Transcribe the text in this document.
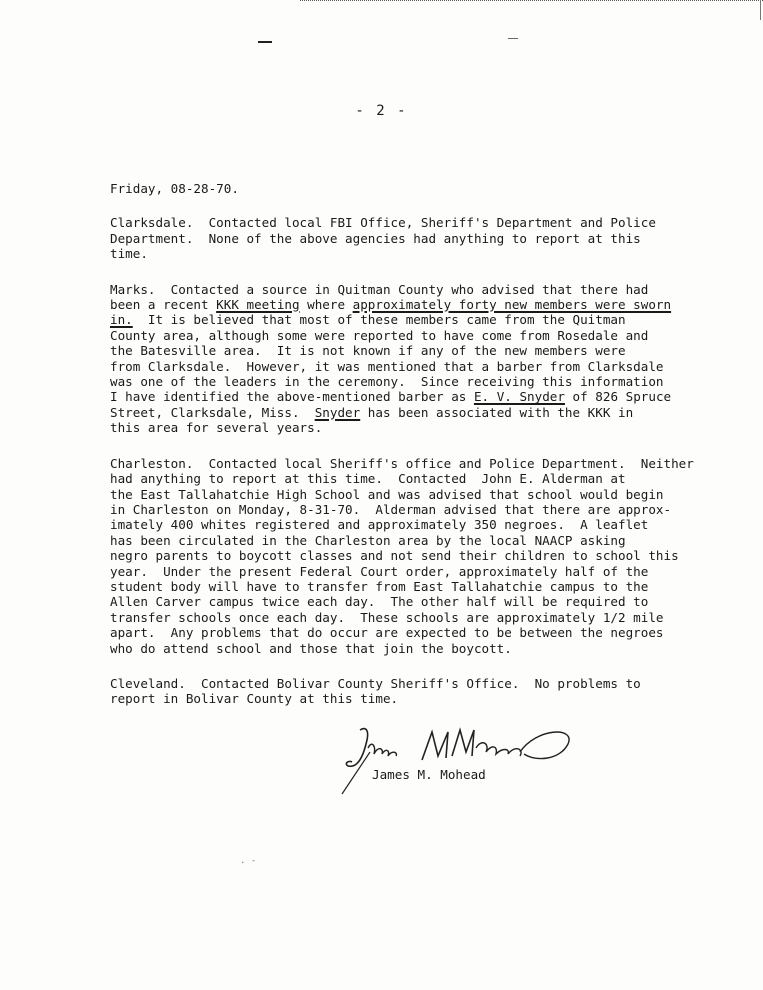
- 2 -
Friday, 08-28-70.
Clarksdale.  Contacted local FBI Office, Sheriff's Department and Police
Department.  None of the above agencies had anything to report at this
time.
Marks.  Contacted a source in Quitman County who advised that there had
been a recent KKK meeting where approximately forty new members were sworn
in.  It is believed that most of these members came from the Quitman
County area, although some were reported to have come from Rosedale and
the Batesville area.  It is not known if any of the new members were
from Clarksdale.  However, it was mentioned that a barber from Clarksdale
was one of the leaders in the ceremony.  Since receiving this information
I have identified the above-mentioned barber as E. V. Snyder of 826 Spruce
Street, Clarksdale, Miss.  Snyder has been associated with the KKK in
this area for several years.
Charleston.  Contacted local Sheriff's office and Police Department.  Neither
had anything to report at this time.  Contacted  John E. Alderman at
the East Tallahatchie High School and was advised that school would begin
in Charleston on Monday, 8-31-70.  Alderman advised that there are approx-
imately 400 whites registered and approximately 350 negroes.  A leaflet
has been circulated in the Charleston area by the local NAACP asking
negro parents to boycott classes and not send their children to school this
year.  Under the present Federal Court order, approximately half of the
student body will have to transfer from East Tallahatchie campus to the
Allen Carver campus twice each day.  The other half will be required to
transfer schools once each day.  These schools are approximately 1/2 mile
apart.  Any problems that do occur are expected to be between the negroes
who do attend school and those that join the boycott.
Cleveland.  Contacted Bolivar County Sheriff's Office.  No problems to
report in Bolivar County at this time.
James M. Mohead
. -
